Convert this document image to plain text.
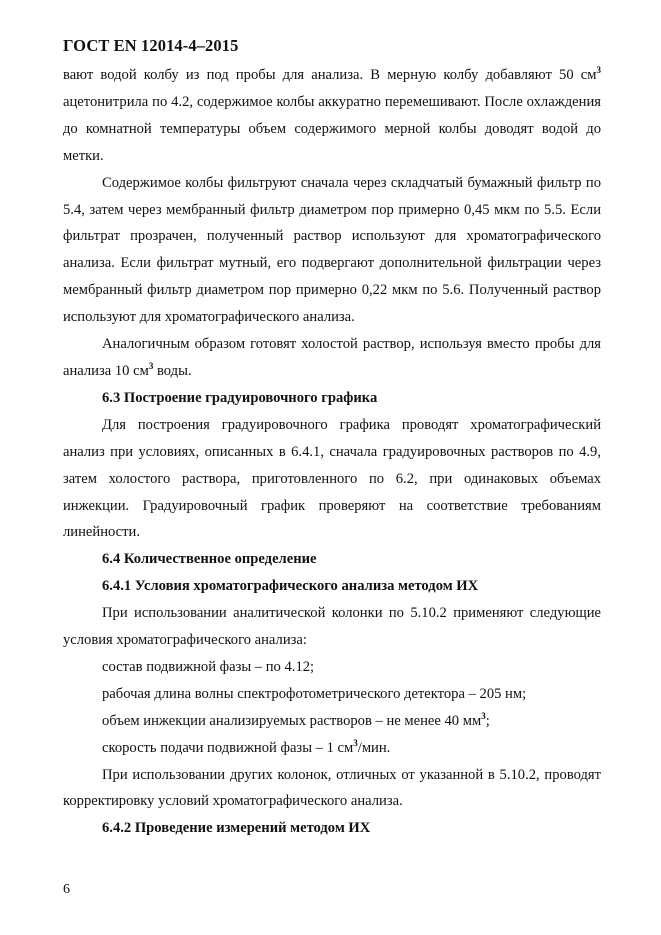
ГОСТ EN 12014-4–2015

вают водой колбу из под пробы для анализа. В мерную колбу добавляют 50 $см^3$ ацетонитрила по 4.2, содержимое колбы аккуратно перемешивают. После охлаждения до комнатной температуры объем содержимого мерной колбы доводят водой до метки.

Содержимое колбы фильтруют сначала через складчатый бумажный фильтр по 5.4, затем через мембранный фильтр диаметром пор примерно 0,45 мкм по 5.5. Если фильтрат прозрачен, полученный раствор используют для хроматографического анализа. Если фильтрат мутный, его подвергают дополнительной фильтрации через мембранный фильтр диаметром пор примерно 0,22 мкм по 5.6. Полученный раствор используют для хроматографического анализа.

Аналогичным образом готовят холостой раствор, используя вместо пробы для анализа 10 $см^3$ воды.

6.3 Построение градуировочного графика

Для построения градуировочного графика проводят хроматографический анализ при условиях, описанных в 6.4.1, сначала градуировочных растворов по 4.9, затем холостого раствора, приготовленного по 6.2, при одинаковых объемах инжекции. Градуировочный график проверяют на соответствие требованиям линейности.

6.4 Количественное определение

6.4.1 Условия хроматографического анализа методом ИХ

При использовании аналитической колонки по 5.10.2 применяют следующие условия хроматографического анализа:

состав подвижной фазы – по 4.12;

рабочая длина волны спектрофотометрического детектора – 205 нм;

объем инжекции анализируемых растворов – не менее 40 $мм^3$;

скорость подачи подвижной фазы – 1 $см^3$/мин.

При использовании других колонок, отличных от указанной в 5.10.2, проводят корректировку условий хроматографического анализа.

6.4.2 Проведение измерений методом ИХ

6
